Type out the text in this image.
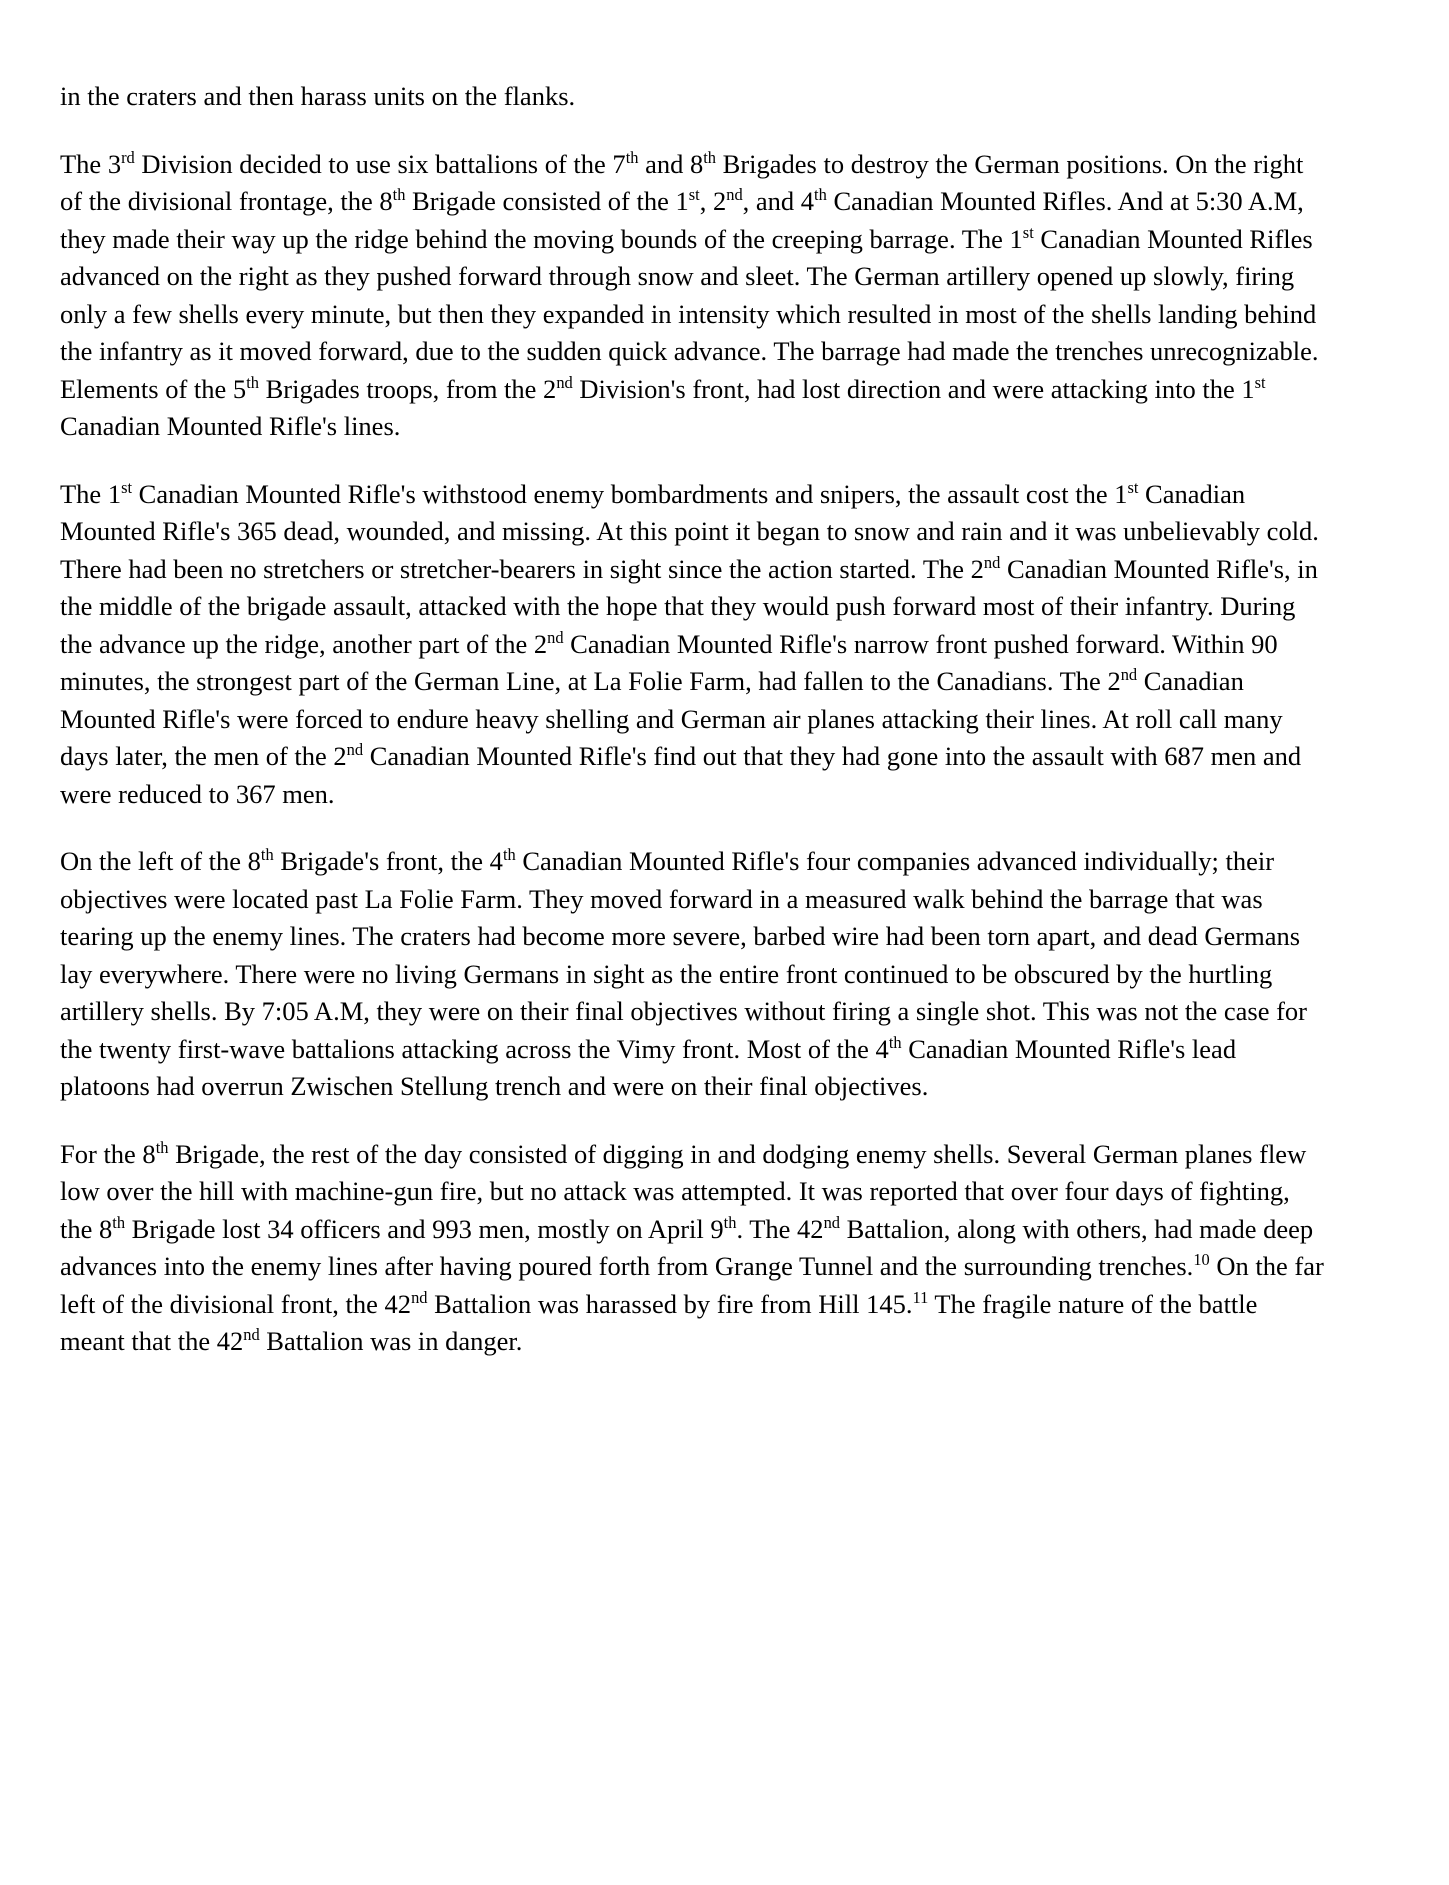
in the craters and then harass units on the flanks.

The 3rd Division decided to use six battalions of the 7th and 8th Brigades to destroy the German positions. On the right of the divisional frontage, the 8th Brigade consisted of the 1st, 2nd, and 4th Canadian Mounted Rifles. And at 5:30 A.M, they made their way up the ridge behind the moving bounds of the creeping barrage. The 1st Canadian Mounted Rifles advanced on the right as they pushed forward through snow and sleet. The German artillery opened up slowly, firing only a few shells every minute, but then they expanded in intensity which resulted in most of the shells landing behind the infantry as it moved forward, due to the sudden quick advance. The barrage had made the trenches unrecognizable. Elements of the 5th Brigades troops, from the 2nd Division's front, had lost direction and were attacking into the 1st Canadian Mounted Rifle's lines.

The 1st Canadian Mounted Rifle's withstood enemy bombardments and snipers, the assault cost the 1st Canadian Mounted Rifle's 365 dead, wounded, and missing. At this point it began to snow and rain and it was unbelievably cold. There had been no stretchers or stretcher-bearers in sight since the action started. The 2nd Canadian Mounted Rifle's, in the middle of the brigade assault, attacked with the hope that they would push forward most of their infantry. During the advance up the ridge, another part of the 2nd Canadian Mounted Rifle's narrow front pushed forward. Within 90 minutes, the strongest part of the German Line, at La Folie Farm, had fallen to the Canadians. The 2nd Canadian Mounted Rifle's were forced to endure heavy shelling and German air planes attacking their lines. At roll call many days later, the men of the 2nd Canadian Mounted Rifle's find out that they had gone into the assault with 687 men and were reduced to 367 men.

On the left of the 8th Brigade's front, the 4th Canadian Mounted Rifle's four companies advanced individually; their objectives were located past La Folie Farm. They moved forward in a measured walk behind the barrage that was tearing up the enemy lines. The craters had become more severe, barbed wire had been torn apart, and dead Germans lay everywhere. There were no living Germans in sight as the entire front continued to be obscured by the hurtling artillery shells. By 7:05 A.M, they were on their final objectives without firing a single shot. This was not the case for the twenty first-wave battalions attacking across the Vimy front. Most of the 4th Canadian Mounted Rifle's lead platoons had overrun Zwischen Stellung trench and were on their final objectives.

For the 8th Brigade, the rest of the day consisted of digging in and dodging enemy shells. Several German planes flew low over the hill with machine-gun fire, but no attack was attempted. It was reported that over four days of fighting, the 8th Brigade lost 34 officers and 993 men, mostly on April 9th. The 42nd Battalion, along with others, had made deep advances into the enemy lines after having poured forth from Grange Tunnel and the surrounding trenches.$^{10}$ On the far left of the divisional front, the 42nd Battalion was harassed by fire from Hill 145.11 The fragile nature of the battle meant that the 42nd Battalion was in danger.
